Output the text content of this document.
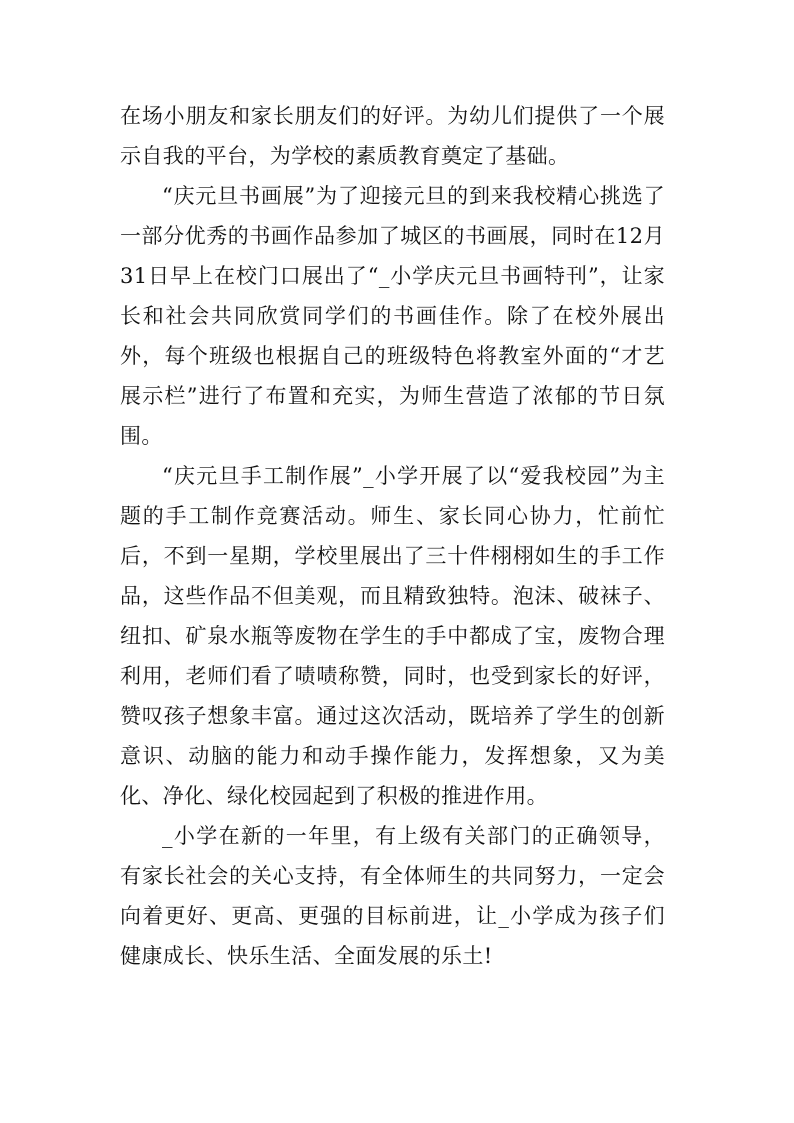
在场小朋友和家长朋友们的好评。为幼儿们提供了一个展示自我的平台，为学校的素质教育奠定了基础。

“庆元旦书画展”为了迎接元旦的到来我校精心挑选了一部分优秀的书画作品参加了城区的书画展，同时在12月31日早上在校门口展出了“_小学庆元旦书画特刊”，让家长和社会共同欣赏同学们的书画佳作。除了在校外展出外，每个班级也根据自己的班级特色将教室外面的“才艺展示栏”进行了布置和充实，为师生营造了浓郁的节日氛围。

“庆元旦手工制作展”_小学开展了以“爱我校园”为主题的手工制作竞赛活动。师生、家长同心协力，忙前忙后，不到一星期，学校里展出了三十件栩栩如生的手工作品，这些作品不但美观，而且精致独特。泡沫、破袜子、纽扣、矿泉水瓶等废物在学生的手中都成了宝，废物合理利用，老师们看了啧啧称赞，同时，也受到家长的好评，赞叹孩子想象丰富。通过这次活动，既培养了学生的创新意识、动脑的能力和动手操作能力，发挥想象，又为美化、净化、绿化校园起到了积极的推进作用。

_小学在新的一年里，有上级有关部门的正确领导，有家长社会的关心支持，有全体师生的共同努力，一定会向着更好、更高、更强的目标前进，让_小学成为孩子们健康成长、快乐生活、全面发展的乐土!
